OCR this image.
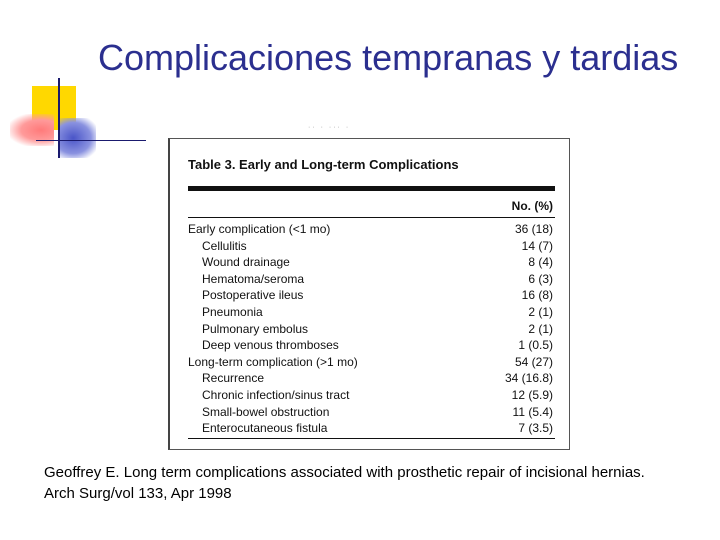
Complicaciones tempranas y tardias
·· · ··· ·
Table 3. Early and Long-term Complications
No. (%)
Early complication (<1 mo)	36 (18)
Cellulitis	14 (7)
Wound drainage	8 (4)
Hematoma/seroma	6 (3)
Postoperative ileus	16 (8)
Pneumonia	2 (1)
Pulmonary embolus	2 (1)
Deep venous thromboses	1 (0.5)
Long-term complication (>1 mo)	54 (27)
Recurrence	34 (16.8)
Chronic infection/sinus tract	12 (5.9)
Small-bowel obstruction	11 (5.4)
Enterocutaneous fistula	7 (3.5)
Geoffrey E. Long term complications associated with prosthetic repair of incisional hernias.
Arch Surg/vol 133, Apr 1998
